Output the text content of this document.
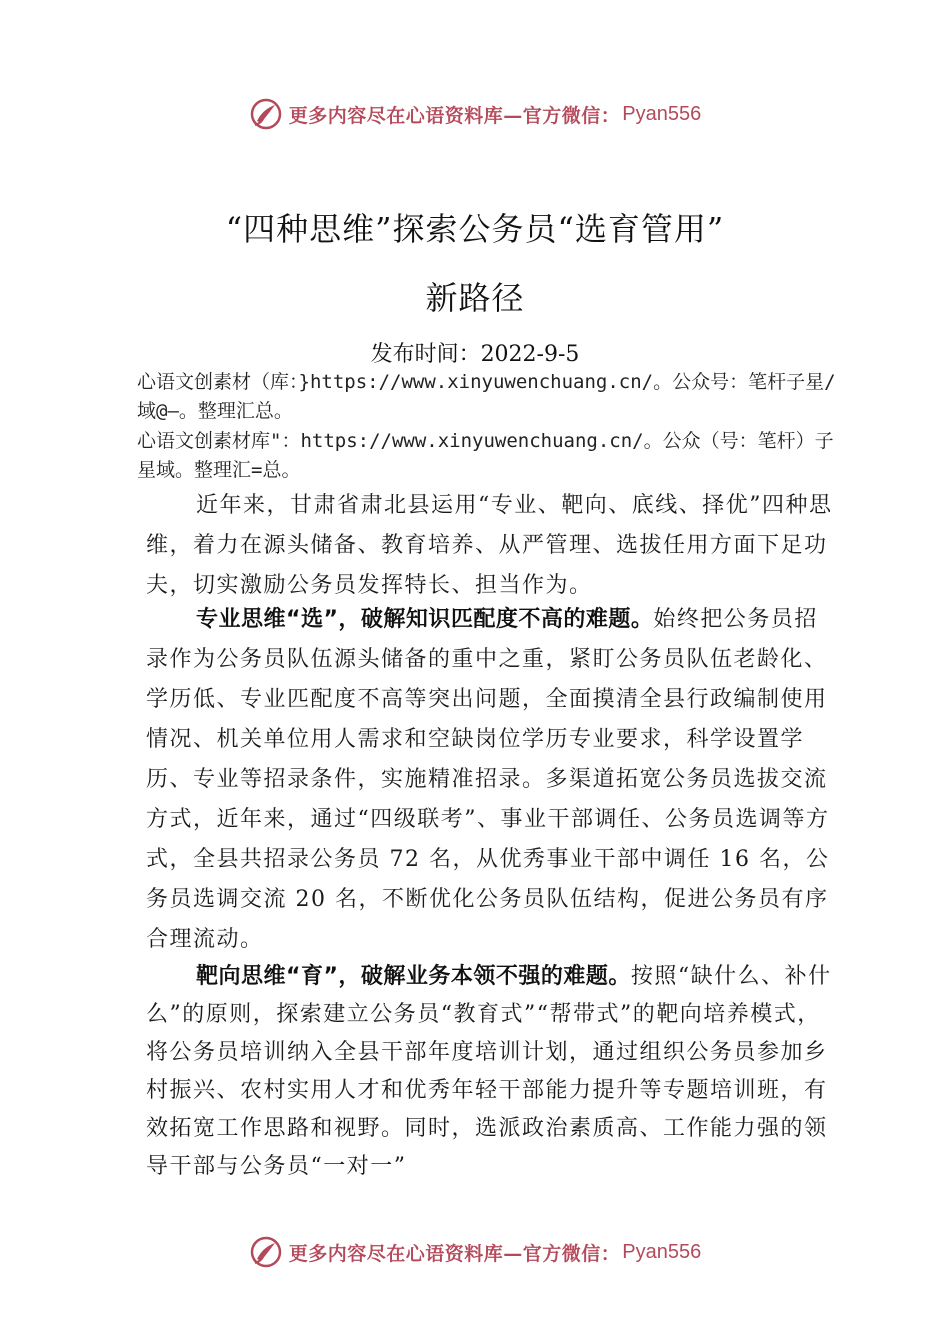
更多内容尽在心语资料库—官方微信： Pyan556
“四种思维”探索公务员“选育管用”
新路径
发布时间：2022-9-5
心语文创素材（库：}https://www.xinyuwenchuang.cn/。公众号：笔杆子星/域@—。整理汇总。
心语文创素材库"：https://www.xinyuwenchuang.cn/。公众（号：笔杆）子星域。整理汇=总。

近年来，甘肃省肃北县运用“专业、靶向、底线、择优”四种思维，着力在源头储备、教育培养、从严管理、选拔任用方面下足功夫，切实激励公务员发挥特长、担当作为。

专业思维“选”，破解知识匹配度不高的难题。始终把公务员招录作为公务员队伍源头储备的重中之重，紧盯公务员队伍老龄化、学历低、专业匹配度不高等突出问题，全面摸清全县行政编制使用情况、机关单位用人需求和空缺岗位学历专业要求，科学设置学历、专业等招录条件，实施精准招录。多渠道拓宽公务员选拔交流方式，近年来，通过“四级联考”、事业干部调任、公务员选调等方式，全县共招录公务员 72 名，从优秀事业干部中调任 16 名，公务员选调交流 20 名，不断优化公务员队伍结构，促进公务员有序合理流动。

靶向思维“育”，破解业务本领不强的难题。按照“缺什么、补什么”的原则，探索建立公务员“教育式”“帮带式”的靶向培养模式，将公务员培训纳入全县干部年度培训计划，通过组织公务员参加乡村振兴、农村实用人才和优秀年轻干部能力提升等专题培训班，有效拓宽工作思路和视野。同时，选派政治素质高、工作能力强的领导干部与公务员“一对一”

更多内容尽在心语资料库—官方微信： Pyan556
